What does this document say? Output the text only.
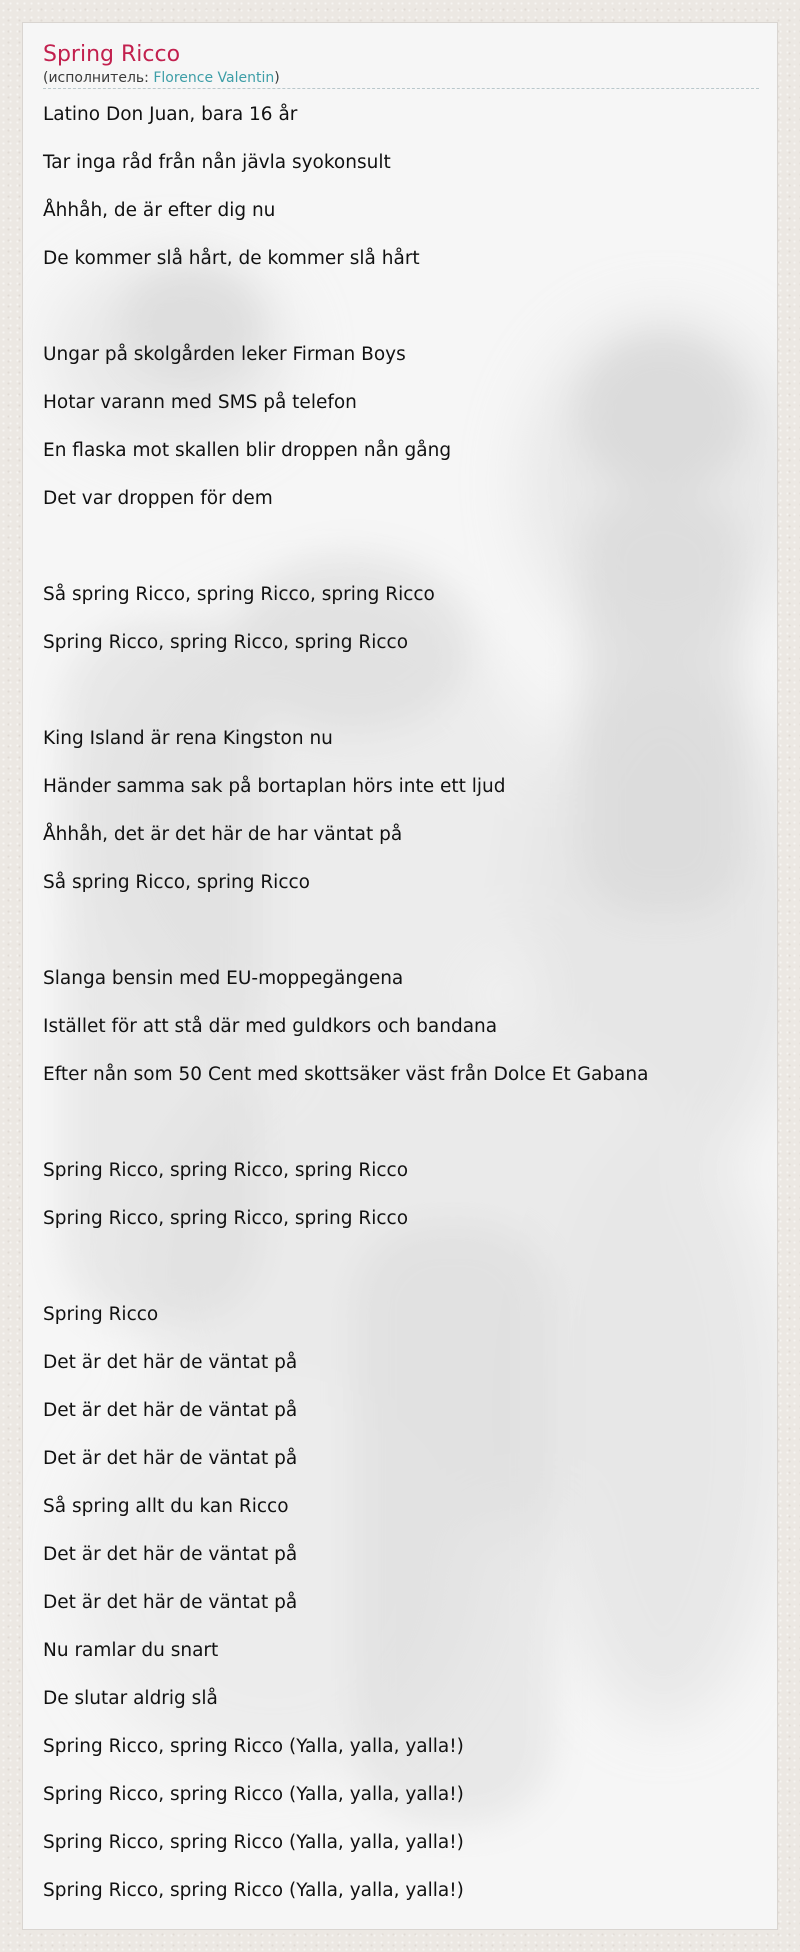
Spring Ricco
(исполнитель: Florence Valentin)
Latino Don Juan, bara 16 år
Tar inga råd från nån jävla syokonsult
Åhhåh, de är efter dig nu
De kommer slå hårt, de kommer slå hårt
Ungar på skolgården leker Firman Boys
Hotar varann med SMS på telefon
En flaska mot skallen blir droppen nån gång
Det var droppen för dem
Så spring Ricco, spring Ricco, spring Ricco
Spring Ricco, spring Ricco, spring Ricco
King Island är rena Kingston nu
Händer samma sak på bortaplan hörs inte ett ljud
Åhhåh, det är det här de har väntat på
Så spring Ricco, spring Ricco
Slanga bensin med EU-moppegängena
Istället för att stå där med guldkors och bandana
Efter nån som 50 Cent med skottsäker väst från Dolce Et Gabana
Spring Ricco, spring Ricco, spring Ricco
Spring Ricco, spring Ricco, spring Ricco
Spring Ricco
Det är det här de väntat på
Det är det här de väntat på
Det är det här de väntat på
Så spring allt du kan Ricco
Det är det här de väntat på
Det är det här de väntat på
Nu ramlar du snart
De slutar aldrig slå
Spring Ricco, spring Ricco (Yalla, yalla, yalla!)
Spring Ricco, spring Ricco (Yalla, yalla, yalla!)
Spring Ricco, spring Ricco (Yalla, yalla, yalla!)
Spring Ricco, spring Ricco (Yalla, yalla, yalla!)
